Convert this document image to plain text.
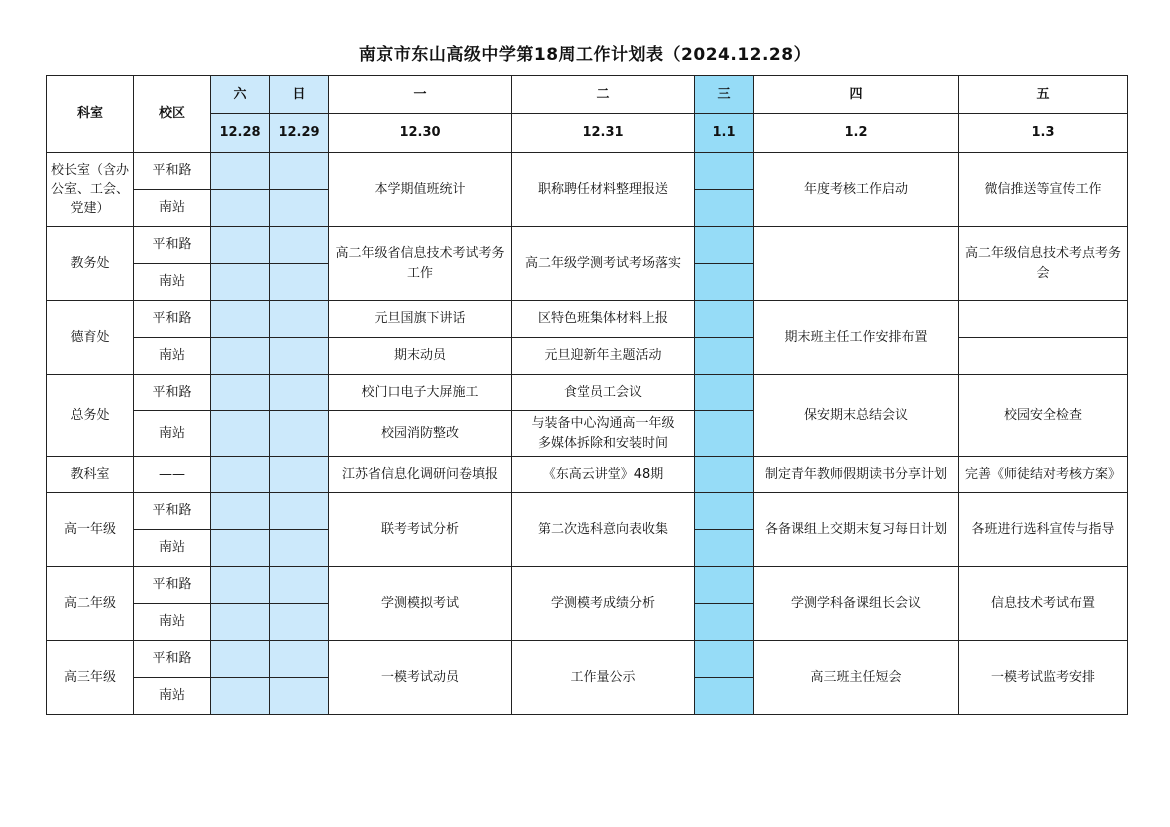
南京市东山高级中学第18周工作计划表（2024.12.28）
科室	校区	六	日	一	二	三	四	五
		12.28	12.29	12.30	12.31	1.1	1.2	1.3
校长室（含办公室、工会、党建）	平和路			本学期值班统计	职称聘任材料整理报送		年度考核工作启动	微信推送等宣传工作
	南站							
教务处	平和路			高二年级省信息技术考试考务工作	高二年级学测考试考场落实			高二年级信息技术考点考务会
	南站							
德育处	平和路			元旦国旗下讲话	区特色班集体材料上报		期末班主任工作安排布置	
	南站			期末动员	元旦迎新年主题活动			
总务处	平和路			校门口电子大屏施工	食堂员工会议		保安期末总结会议	校园安全检查
	南站			校园消防整改	与装备中心沟通高一年级多媒体拆除和安装时间			
教科室	——			江苏省信息化调研问卷填报	《东高云讲堂》48期		制定青年教师假期读书分享计划	完善《师徒结对考核方案》
高一年级	平和路			联考考试分析	第二次选科意向表收集		各备课组上交期末复习每日计划	各班进行选科宣传与指导
	南站							
高二年级	平和路			学测模拟考试	学测模考成绩分析		学测学科备课组长会议	信息技术考试布置
	南站							
高三年级	平和路			一模考试动员	工作量公示		高三班主任短会	一模考试监考安排
	南站							
